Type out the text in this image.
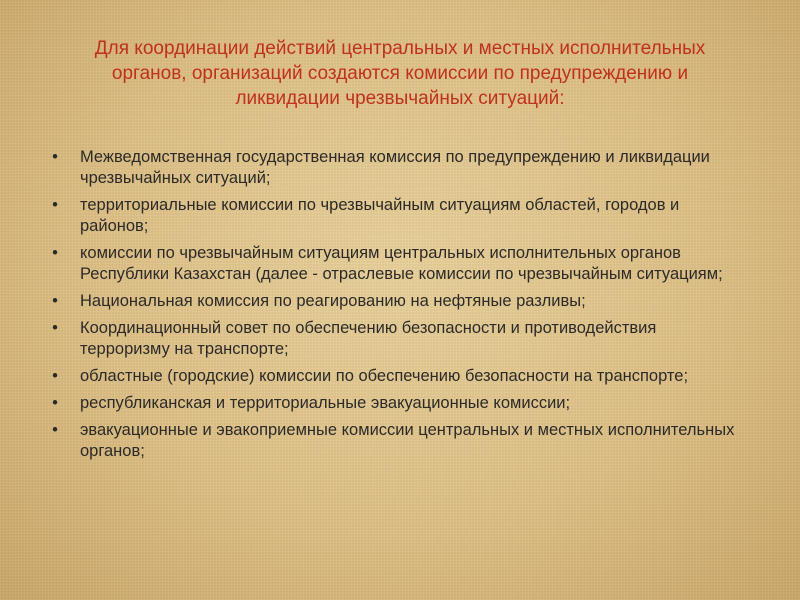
Для координации действий центральных и местных исполнительных органов, организаций создаются комиссии по предупреждению и ликвидации чрезвычайных ситуаций:
• Межведомственная государственная комиссия по предупреждению и ликвидации чрезвычайных ситуаций;
• территориальные комиссии по чрезвычайным ситуациям областей, городов и районов;
• комиссии по чрезвычайным ситуациям центральных исполнительных органов Республики Казахстан (далее - отраслевые комиссии по чрезвычайным ситуациям;
• Национальная комиссия по реагированию на нефтяные разливы;
• Координационный совет по обеспечению безопасности и противодействия терроризму на транспорте;
• областные (городские) комиссии по обеспечению безопасности на транспорте;
• республиканская и территориальные эвакуационные комиссии;
• эвакуационные и эвакоприемные комиссии центральных и местных исполнительных органов;
